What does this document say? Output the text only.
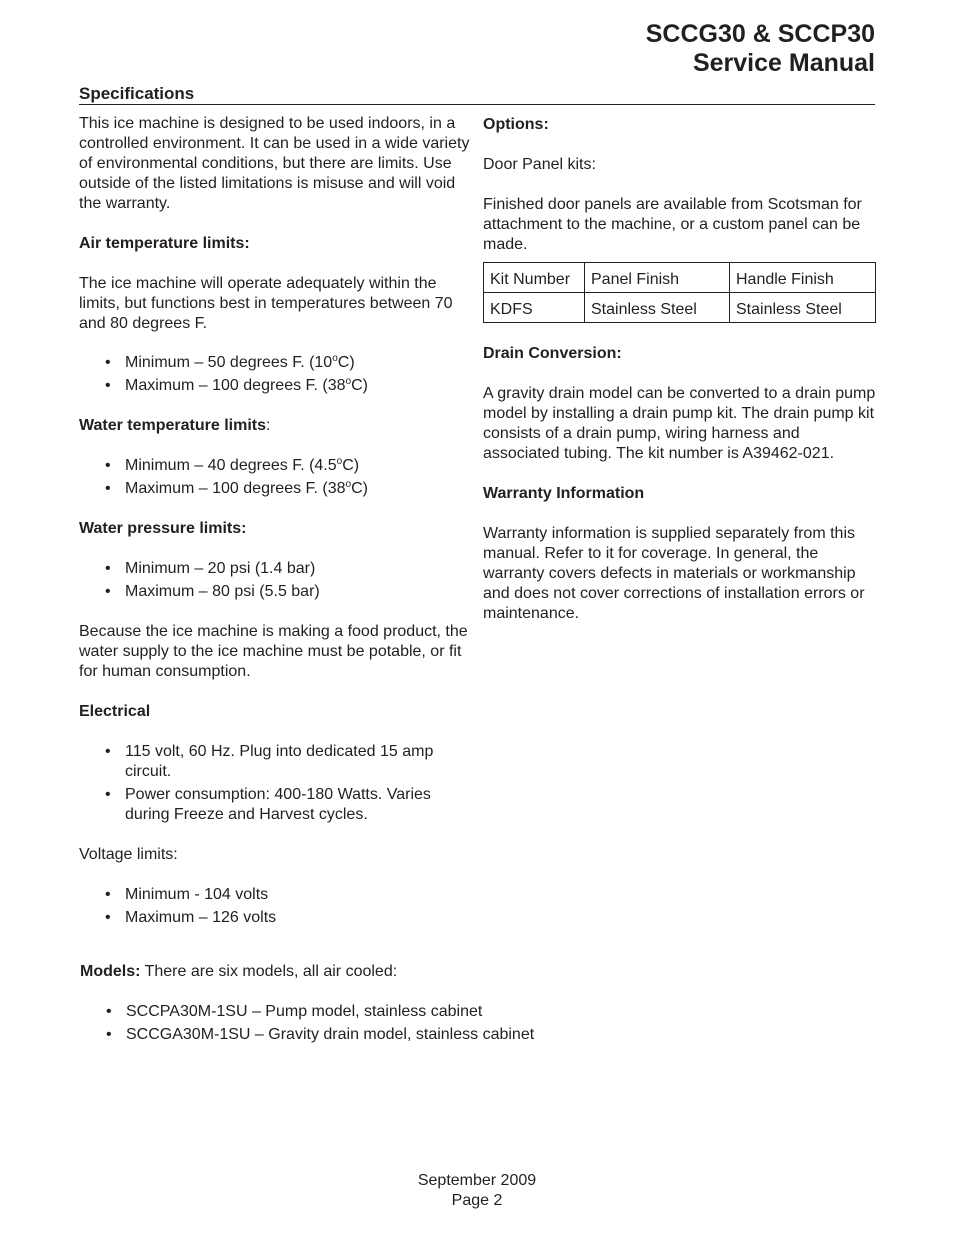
SCCG30 & SCCP30
Service Manual
Specifications

This ice machine is designed to be used indoors, in a controlled environment. It can be used in a wide variety of environmental conditions, but there are limits. Use outside of the listed limitations is misuse and will void the warranty.

Air temperature limits:

The ice machine will operate adequately within the limits, but functions best in temperatures between 70 and 80 degrees F.

• Minimum – 50 degrees F. (10$^o$C)
• Maximum – 100 degrees F. (38$^o$C)

Water temperature limits:

• Minimum – 40 degrees F. (4.5$^o$C)
• Maximum – 100 degrees F. (38$^o$C)

Water pressure limits:

• Minimum – 20 psi (1.4 bar)
• Maximum – 80 psi (5.5 bar)

Because the ice machine is making a food product, the water supply to the ice machine must be potable, or fit for human consumption.

Electrical

• 115 volt, 60 Hz. Plug into dedicated 15 amp circuit.
• Power consumption: 400-180 Watts. Varies during Freeze and Harvest cycles.

Voltage limits:

• Minimum - 104 volts
• Maximum – 126 volts

Models: There are six models, all air cooled:

• SCCPA30M-1SU – Pump model, stainless cabinet
• SCCGA30M-1SU – Gravity drain model, stainless cabinet

Options:

Door Panel kits:

Finished door panels are available from Scotsman for attachment to the machine, or a custom panel can be made.

Kit Number	Panel Finish	Handle Finish
KDFS	Stainless Steel	Stainless Steel

Drain Conversion:

A gravity drain model can be converted to a drain pump model by installing a drain pump kit. The drain pump kit consists of a drain pump, wiring harness and associated tubing. The kit number is A39462-021.

Warranty Information

Warranty information is supplied separately from this manual. Refer to it for coverage. In general, the warranty covers defects in materials or workmanship and does not cover corrections of installation errors or maintenance.

September 2009
Page 2
